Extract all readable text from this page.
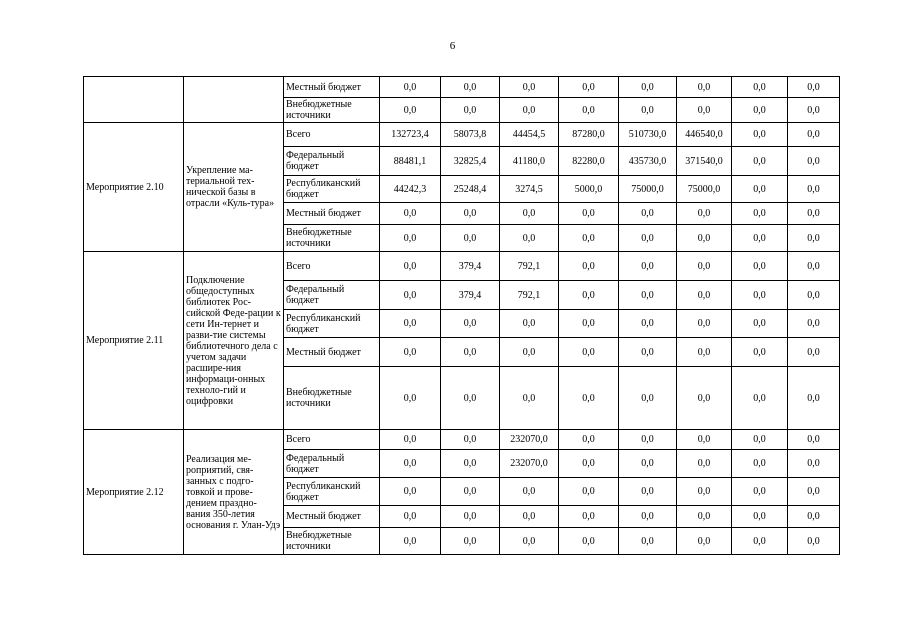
6
		Местный бюджет	0,0	0,0	0,0	0,0	0,0	0,0	0,0	0,0
		Внебюджетные источники	0,0	0,0	0,0	0,0	0,0	0,0	0,0	0,0
Мероприятие 2.10	Укрепление ма-териальной тех-нической базы в отрасли «Куль-тура»	Всего	132723,4	58073,8	44454,5	87280,0	510730,0	446540,0	0,0	0,0
		Федеральный бюджет	88481,1	32825,4	41180,0	82280,0	435730,0	371540,0	0,0	0,0
		Республиканский бюджет	44242,3	25248,4	3274,5	5000,0	75000,0	75000,0	0,0	0,0
		Местный бюджет	0,0	0,0	0,0	0,0	0,0	0,0	0,0	0,0
		Внебюджетные источники	0,0	0,0	0,0	0,0	0,0	0,0	0,0	0,0
Мероприятие 2.11	Подключение общедоступных библиотек Рос-сийской Феде-рации к сети Ин-тернет и разви-тие системы библиотечного дела с учетом задачи расшире-ния информаци-онных техноло-гий и оцифровки	Всего	0,0	379,4	792,1	0,0	0,0	0,0	0,0	0,0
		Федеральный бюджет	0,0	379,4	792,1	0,0	0,0	0,0	0,0	0,0
		Республиканский бюджет	0,0	0,0	0,0	0,0	0,0	0,0	0,0	0,0
		Местный бюджет	0,0	0,0	0,0	0,0	0,0	0,0	0,0	0,0
		Внебюджетные источники	0,0	0,0	0,0	0,0	0,0	0,0	0,0	0,0
Мероприятие 2.12	Реализация ме-роприятий, свя-занных с подго-товкой и прове-дением праздно-вания 350-летия основания г. Улан-Удэ	Всего	0,0	0,0	232070,0	0,0	0,0	0,0	0,0	0,0
		Федеральный бюджет	0,0	0,0	232070,0	0,0	0,0	0,0	0,0	0,0
		Республиканский бюджет	0,0	0,0	0,0	0,0	0,0	0,0	0,0	0,0
		Местный бюджет	0,0	0,0	0,0	0,0	0,0	0,0	0,0	0,0
		Внебюджетные источники	0,0	0,0	0,0	0,0	0,0	0,0	0,0	0,0
